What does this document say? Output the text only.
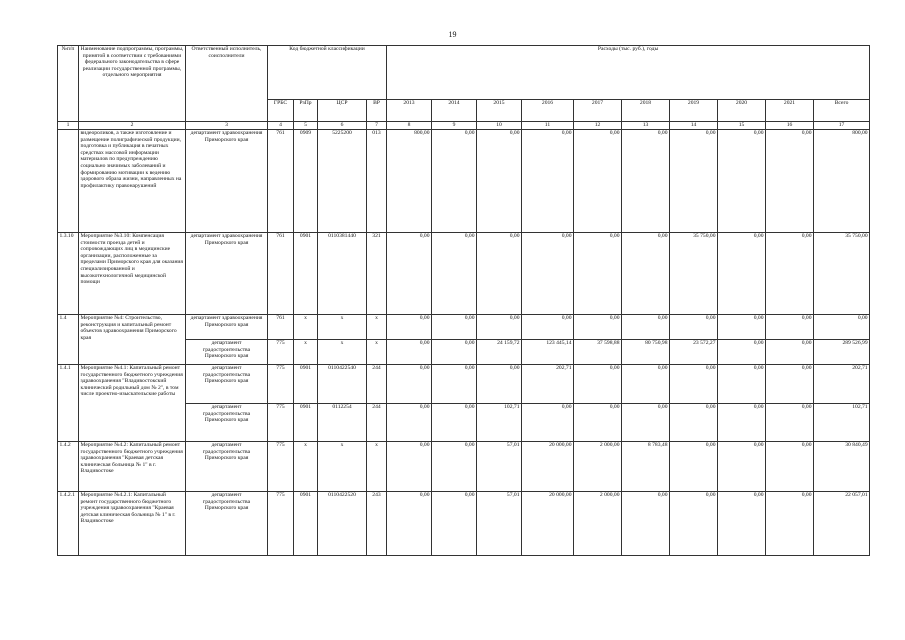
19
№п/п	Наименование подпрограммы, программы, принятой в соответствии с требованиями федерального законодательства в сфере реализации государственной программы, отдельного мероприятия	Ответственный исполнитель, соисполнители	Код бюджетной классификации				Расходы (тыс. руб.), годы									
			ГРБС	РзПр	ЦСР	ВР	2013	2014	2015	2016	2017	2018	2019	2020	2021	Всего
1	2	3	4	5	6	7	8	9	10	11	12	13	14	15	16	17
	видеороликов, а также изготовление и размещение полиграфической продукции, подготовка и публикация в печатных средствах массовой информации материалов по предупреждению социально значимых заболеваний и формированию мотивации к ведению здорового образа жизни, направленных на профилактику правонарушений	департамент здравоохранения Приморского края	761	0909	5225200	013	800,00	0,00	0,00	0,00	0,00	0,00	0,00	0,00	0,00	800,00
1.3.10	Мероприятие №3.10: Компенсация стоимости проезда детей и сопровождающих лиц в медицинские организации, расположенные за пределами Приморского края для оказания специализированной и высокотехнологичной медицинской помощи	департамент здравоохранения Приморского края	761	0901	0110381440	321	0,00	0,00	0,00	0,00	0,00	0,00	35 750,00	0,00	0,00	35 750,00
1.4	Мероприятие №4: Строительство, реконструкция и капитальный ремонт объектов здравоохранения Приморского края	департамент здравоохранения Приморского края	761	х	х	х	0,00	0,00	0,00	0,00	0,00	0,00	0,00	0,00	0,00	0,00
		департамент градостроительства Приморского края	775	х	х	х	0,00	0,00	24 159,72	123 445,14	37 598,88	80 750,98	23 572,27	0,00	0,00	289 526,99
1.4.1	Мероприятие №4.1: Капитальный ремонт государственного бюджетного учреждения здравоохранения "Владивостокский клинический родильный дом № 2", в том числе проектно-изыскательские работы	департамент градостроительства Приморского края	775	0901	0110422540	244	0,00	0,00	0,00	202,71	0,00	0,00	0,00	0,00	0,00	202,71
		департамент градостроительства Приморского края	775	0901	0112254	244	0,00	0,00	102,71	0,00	0,00	0,00	0,00	0,00	0,00	102,71
1.4.2	Мероприятие №4.2: Капитальный ремонт государственного бюджетного учреждения здравоохранения "Краевая детская клиническая больница № 1" в г. Владивостоке	департамент градостроительства Приморского края	775	х	х	х	0,00	0,00	57,01	20 000,00	2 000,00	8 783,48	0,00	0,00	0,00	30 840,49
1.4.2.1	Мероприятие №4.2.1: Капитальный ремонт государственного бюджетного учреждения здравоохранения "Краевая детская клиническая больница № 1" в г. Владивостоке	департамент градостроительства Приморского края	775	0901	0110422520	243	0,00	0,00	57,01	20 000,00	2 000,00	0,00	0,00	0,00	0,00	22 057,01
